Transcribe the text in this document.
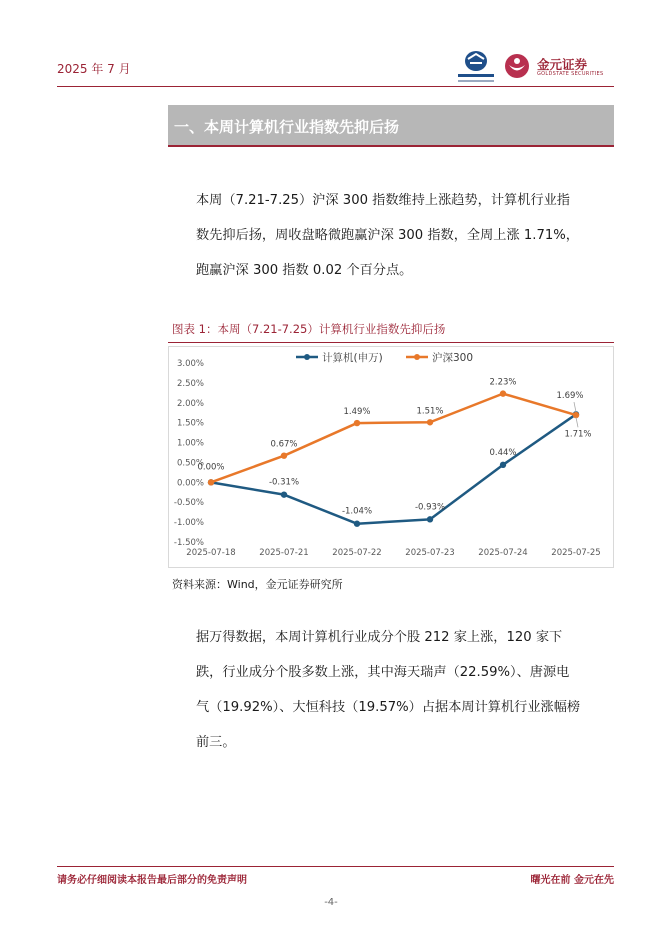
2025 年 7 月	金元证券
GOLDSTATE SECURITIES
一、本周计算机行业指数先抑后扬
本周（7.21-7.25）沪深 300 指数维持上涨趋势，计算机行业指
数先抑后扬，周收盘略微跑赢沪深 300 指数，全周上涨 1.71%，
跑赢沪深 300 指数 0.02 个百分点。
图表 1：本周（7.21-7.25）计算机行业指数先抑后扬
3.00%
2.50%
2.00%
1.50%
1.00%
0.50%
0.00%
-0.50%
-1.00%
-1.50%
2025-07-18	2025-07-21	2025-07-22	2025-07-23	2025-07-24	2025-07-25
计算机(申万)	沪深300
0.00%
0.67%
1.49%	1.51%
2.23%
1.69%
-0.31%
-1.04%	-0.93%
0.44%
1.71%
资料来源：Wind，金元证券研究所
据万得数据，本周计算机行业成分个股 212 家上涨，120 家下
跌，行业成分个股多数上涨，其中海天瑞声（22.59%）、唐源电
气（19.92%）、大恒科技（19.57%）占据本周计算机行业涨幅榜
前三。
请务必仔细阅读本报告最后部分的免责声明	曙光在前 金元在先
-4-
